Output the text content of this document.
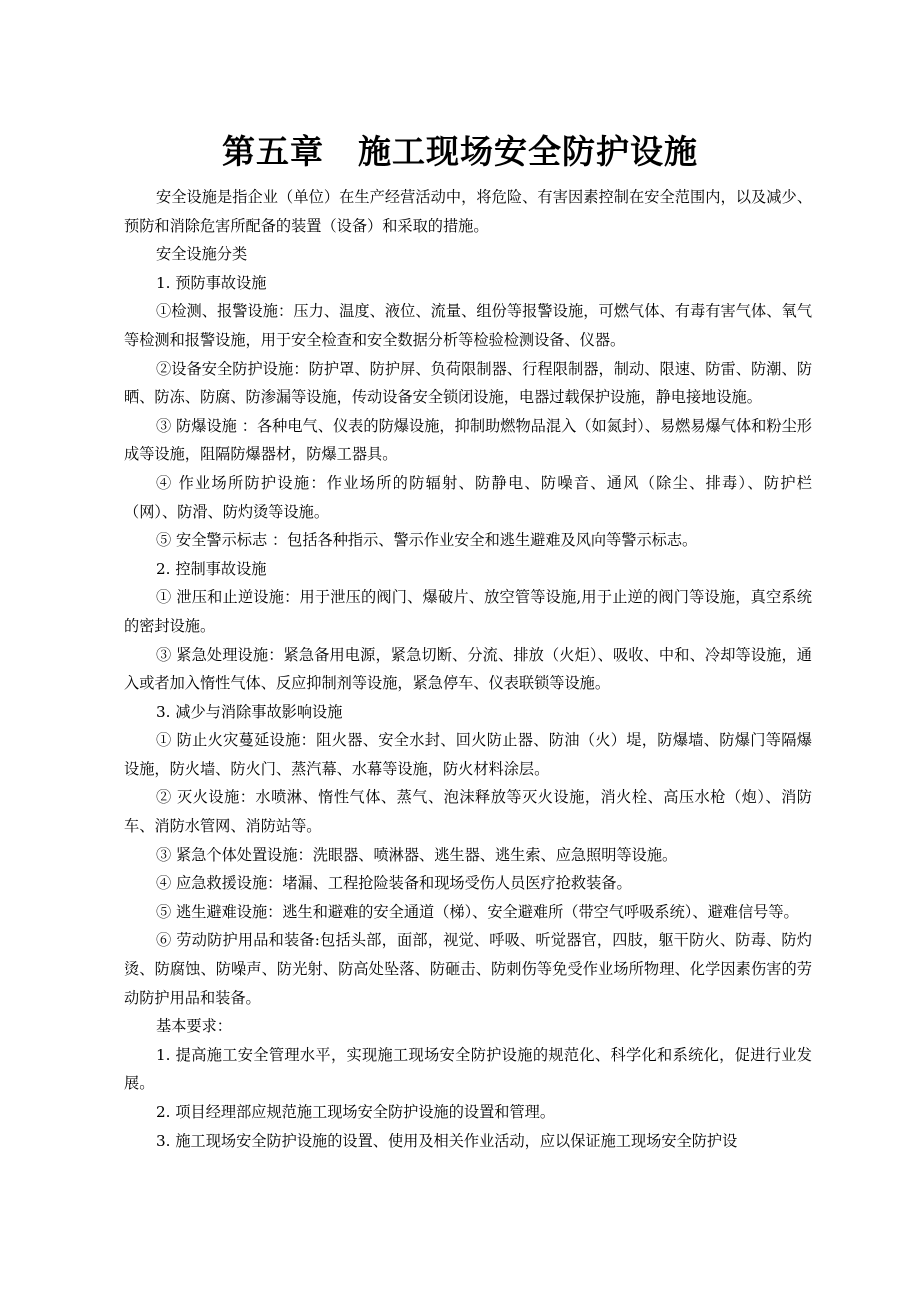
第五章　施工现场安全防护设施

安全设施是指企业（单位）在生产经营活动中，将危险、有害因素控制在安全范围内，以及减少、预防和消除危害所配备的装置（设备）和采取的措施。

安全设施分类

1. 预防事故设施

①检测、报警设施：压力、温度、液位、流量、组份等报警设施，可燃气体、有毒有害气体、氧气等检测和报警设施，用于安全检查和安全数据分析等检验检测设备、仪器。

②设备安全防护设施：防护罩、防护屏、负荷限制器、行程限制器，制动、限速、防雷、防潮、防晒、防冻、防腐、防渗漏等设施，传动设备安全锁闭设施，电器过载保护设施，静电接地设施。

③ 防爆设施 ：各种电气、仪表的防爆设施，抑制助燃物品混入（如氮封）、易燃易爆气体和粉尘形成等设施，阻隔防爆器材，防爆工器具。

④ 作业场所防护设施：作业场所的防辐射、防静电、防噪音、通风（除尘、排毒）、防护栏（网）、防滑、防灼烫等设施。

⑤ 安全警示标志 ：包括各种指示、警示作业安全和逃生避难及风向等警示标志。

2. 控制事故设施

① 泄压和止逆设施：用于泄压的阀门、爆破片、放空管等设施,用于止逆的阀门等设施，真空系统的密封设施。

③ 紧急处理设施：紧急备用电源，紧急切断、分流、排放（火炬）、吸收、中和、冷却等设施，通入或者加入惰性气体、反应抑制剂等设施，紧急停车、仪表联锁等设施。

3. 减少与消除事故影响设施

① 防止火灾蔓延设施：阻火器、安全水封、回火防止器、防油（火）堤，防爆墙、防爆门等隔爆设施，防火墙、防火门、蒸汽幕、水幕等设施，防火材料涂层。

② 灭火设施：水喷淋、惰性气体、蒸气、泡沫释放等灭火设施，消火栓、高压水枪（炮）、消防车、消防水管网、消防站等。

③ 紧急个体处置设施：洗眼器、喷淋器、逃生器、逃生索、应急照明等设施。

④ 应急救援设施：堵漏、工程抢险装备和现场受伤人员医疗抢救装备。

⑤ 逃生避难设施：逃生和避难的安全通道（梯）、安全避难所（带空气呼吸系统）、避难信号等。

⑥ 劳动防护用品和装备:包括头部，面部，视觉、呼吸、听觉器官，四肢，躯干防火、防毒、防灼烫、防腐蚀、防噪声、防光射、防高处坠落、防砸击、防刺伤等免受作业场所物理、化学因素伤害的劳动防护用品和装备。

基本要求：

1. 提高施工安全管理水平，实现施工现场安全防护设施的规范化、科学化和系统化，促进行业发展。

2. 项目经理部应规范施工现场安全防护设施的设置和管理。

3. 施工现场安全防护设施的设置、使用及相关作业活动，应以保证施工现场安全防护设
